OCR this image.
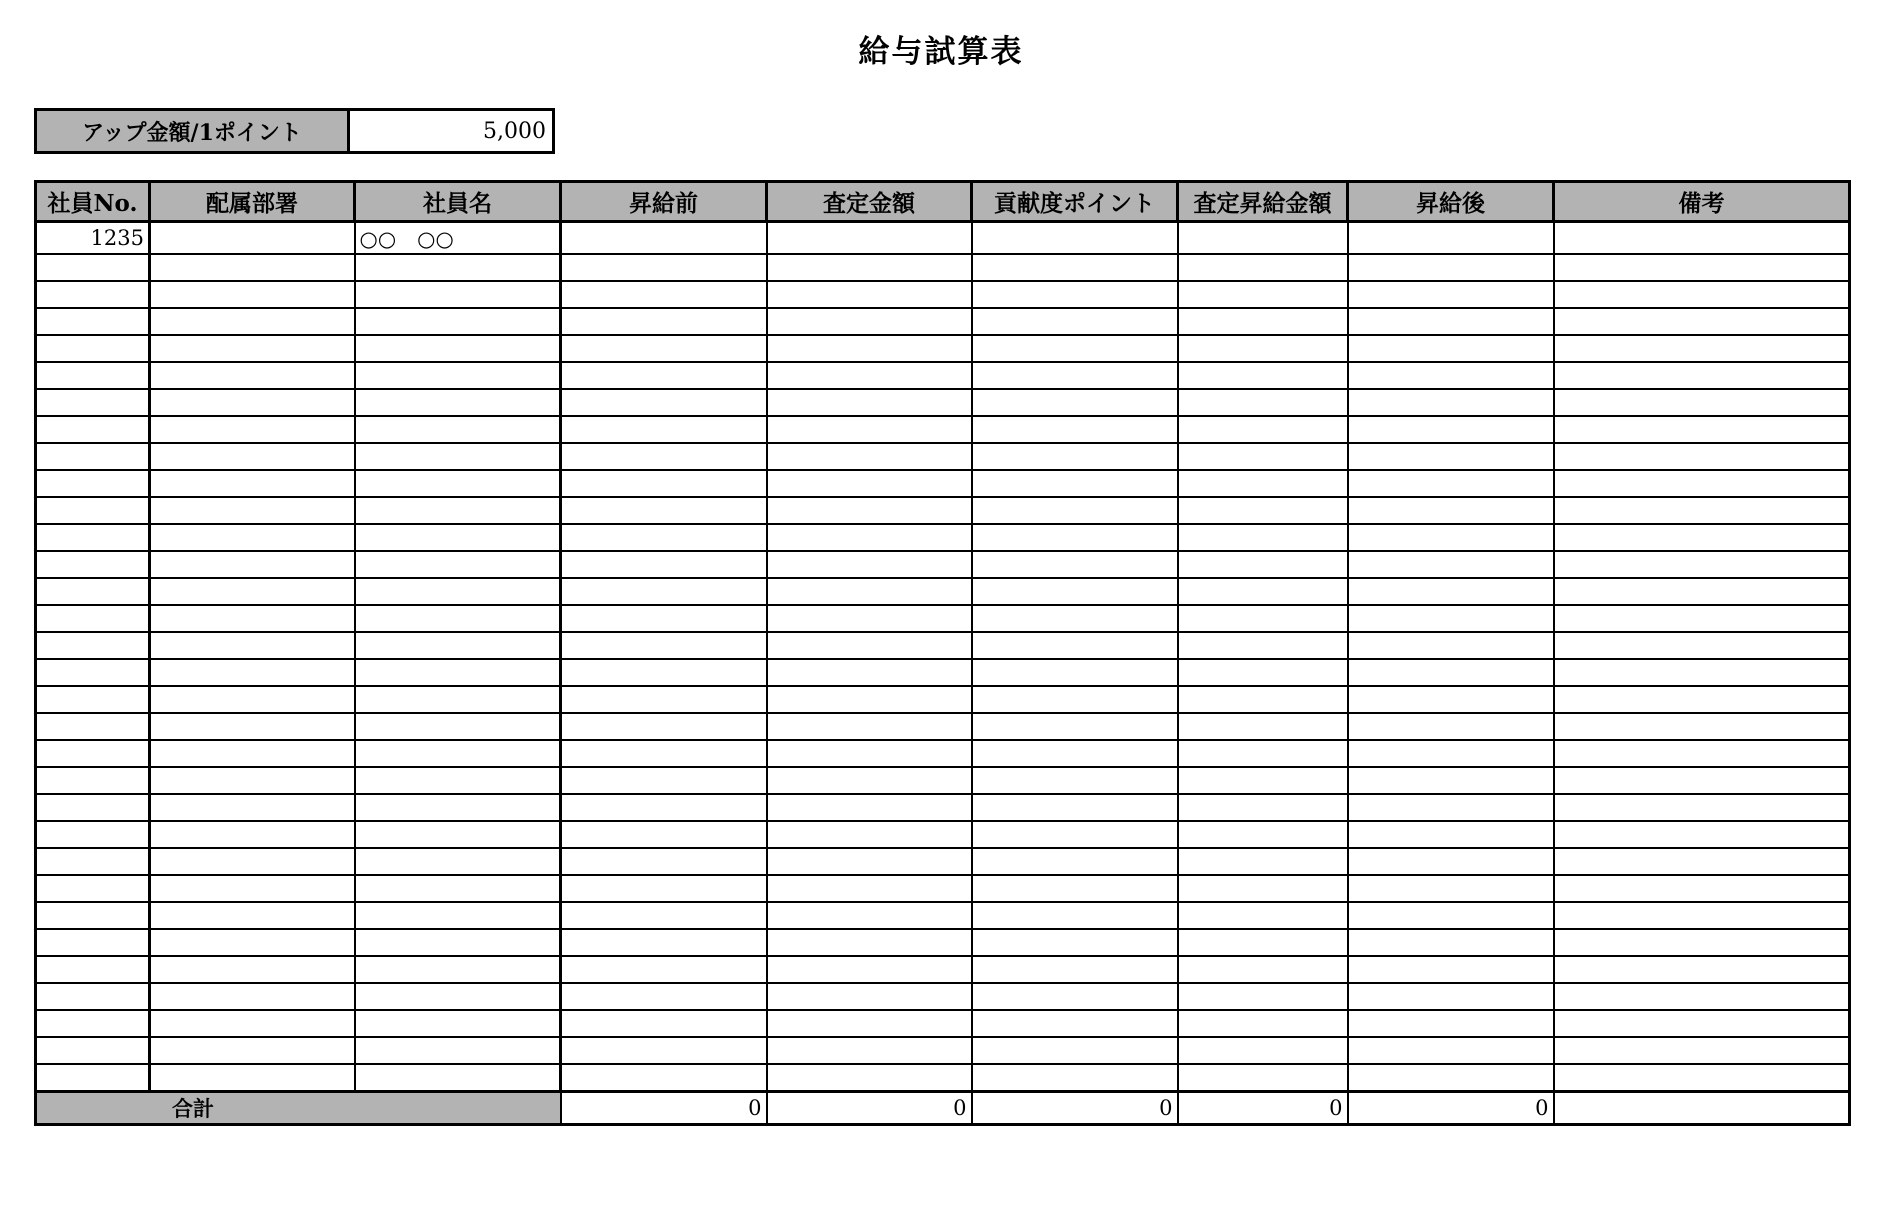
給与試算表
アップ金額/1ポイント	5,000
社員No.	配属部署	社員名	昇給前	査定金額	貢献度ポイント	査定昇給金額	昇給後	備考
1235		○○　○○						

合計			0	0	0	0	0	
